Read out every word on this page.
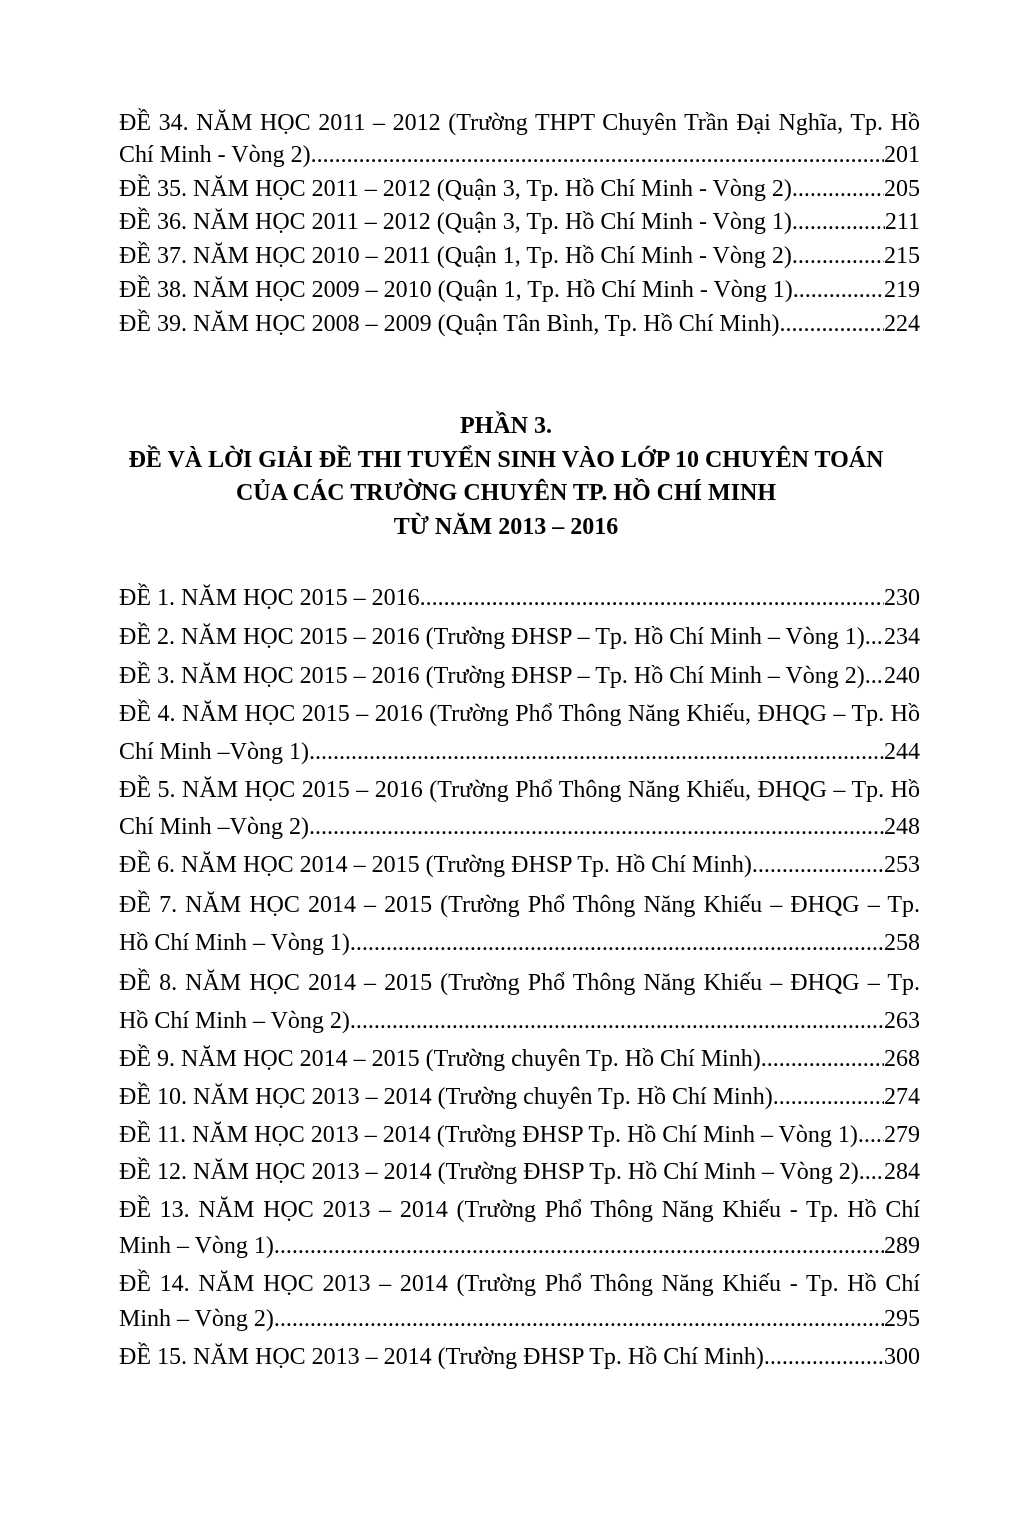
ĐỀ 34. NĂM HỌC 2011 – 2012 (Trường THPT Chuyên Trần Đại Nghĩa, Tp. Hồ
Chí Minh - Vòng 2) .....	201
ĐỀ 35. NĂM HỌC 2011 – 2012 (Quận 3, Tp. Hồ Chí Minh - Vòng 2) .....	205
ĐỀ 36. NĂM HỌC 2011 – 2012 (Quận 3, Tp. Hồ Chí Minh - Vòng 1) .....	211
ĐỀ 37. NĂM HỌC 2010 – 2011 (Quận 1, Tp. Hồ Chí Minh - Vòng 2) .....	215
ĐỀ 38. NĂM HỌC 2009 – 2010 (Quận 1, Tp. Hồ Chí Minh - Vòng 1) .....	219
ĐỀ 39. NĂM HỌC 2008 – 2009 (Quận Tân Bình, Tp. Hồ Chí Minh) .....	224
PHẦN 3.
ĐỀ VÀ LỜI GIẢI ĐỀ THI TUYỂN SINH VÀO LỚP 10 CHUYÊN TOÁN
CỦA CÁC TRƯỜNG CHUYÊN TP. HỒ CHÍ MINH
TỪ NĂM 2013 – 2016
ĐỀ 1. NĂM HỌC 2015 – 2016 .....	230
ĐỀ 2. NĂM HỌC 2015 – 2016 (Trường ĐHSP – Tp. Hồ Chí Minh – Vòng 1) ..... 234
ĐỀ 3. NĂM HỌC 2015 – 2016 (Trường ĐHSP – Tp. Hồ Chí Minh – Vòng 2) ..... 240
ĐỀ 4. NĂM HỌC 2015 – 2016 (Trường Phổ Thông Năng Khiếu, ĐHQG – Tp. Hồ
Chí Minh –Vòng 1) .....	244
ĐỀ 5. NĂM HỌC 2015 – 2016 (Trường Phổ Thông Năng Khiếu, ĐHQG – Tp. Hồ
Chí Minh –Vòng 2) .....	248
ĐỀ 6. NĂM HỌC 2014 – 2015 (Trường ĐHSP Tp. Hồ Chí Minh) .....	253
ĐỀ 7. NĂM HỌC 2014 – 2015 (Trường Phổ Thông Năng Khiếu – ĐHQG – Tp.
Hồ Chí Minh – Vòng 1) .....	258
ĐỀ 8. NĂM HỌC 2014 – 2015 (Trường Phổ Thông Năng Khiếu – ĐHQG – Tp.
Hồ Chí Minh – Vòng 2) .....	263
ĐỀ 9. NĂM HỌC 2014 – 2015 (Trường chuyên Tp. Hồ Chí Minh) .....	268
ĐỀ 10. NĂM HỌC 2013 – 2014 (Trường chuyên Tp. Hồ Chí Minh) .....	274
ĐỀ 11. NĂM HỌC 2013 – 2014 (Trường ĐHSP Tp. Hồ Chí Minh – Vòng 1) ..... 279
ĐỀ 12. NĂM HỌC 2013 – 2014 (Trường ĐHSP Tp. Hồ Chí Minh – Vòng 2) ..... 284
ĐỀ 13. NĂM HỌC 2013 – 2014 (Trường Phổ Thông Năng Khiếu - Tp. Hồ Chí
Minh – Vòng 1) .....	289
ĐỀ 14. NĂM HỌC 2013 – 2014 (Trường Phổ Thông Năng Khiếu - Tp. Hồ Chí
Minh – Vòng 2) .....	295
ĐỀ 15. NĂM HỌC 2013 – 2014 (Trường ĐHSP Tp. Hồ Chí Minh) .....	300
